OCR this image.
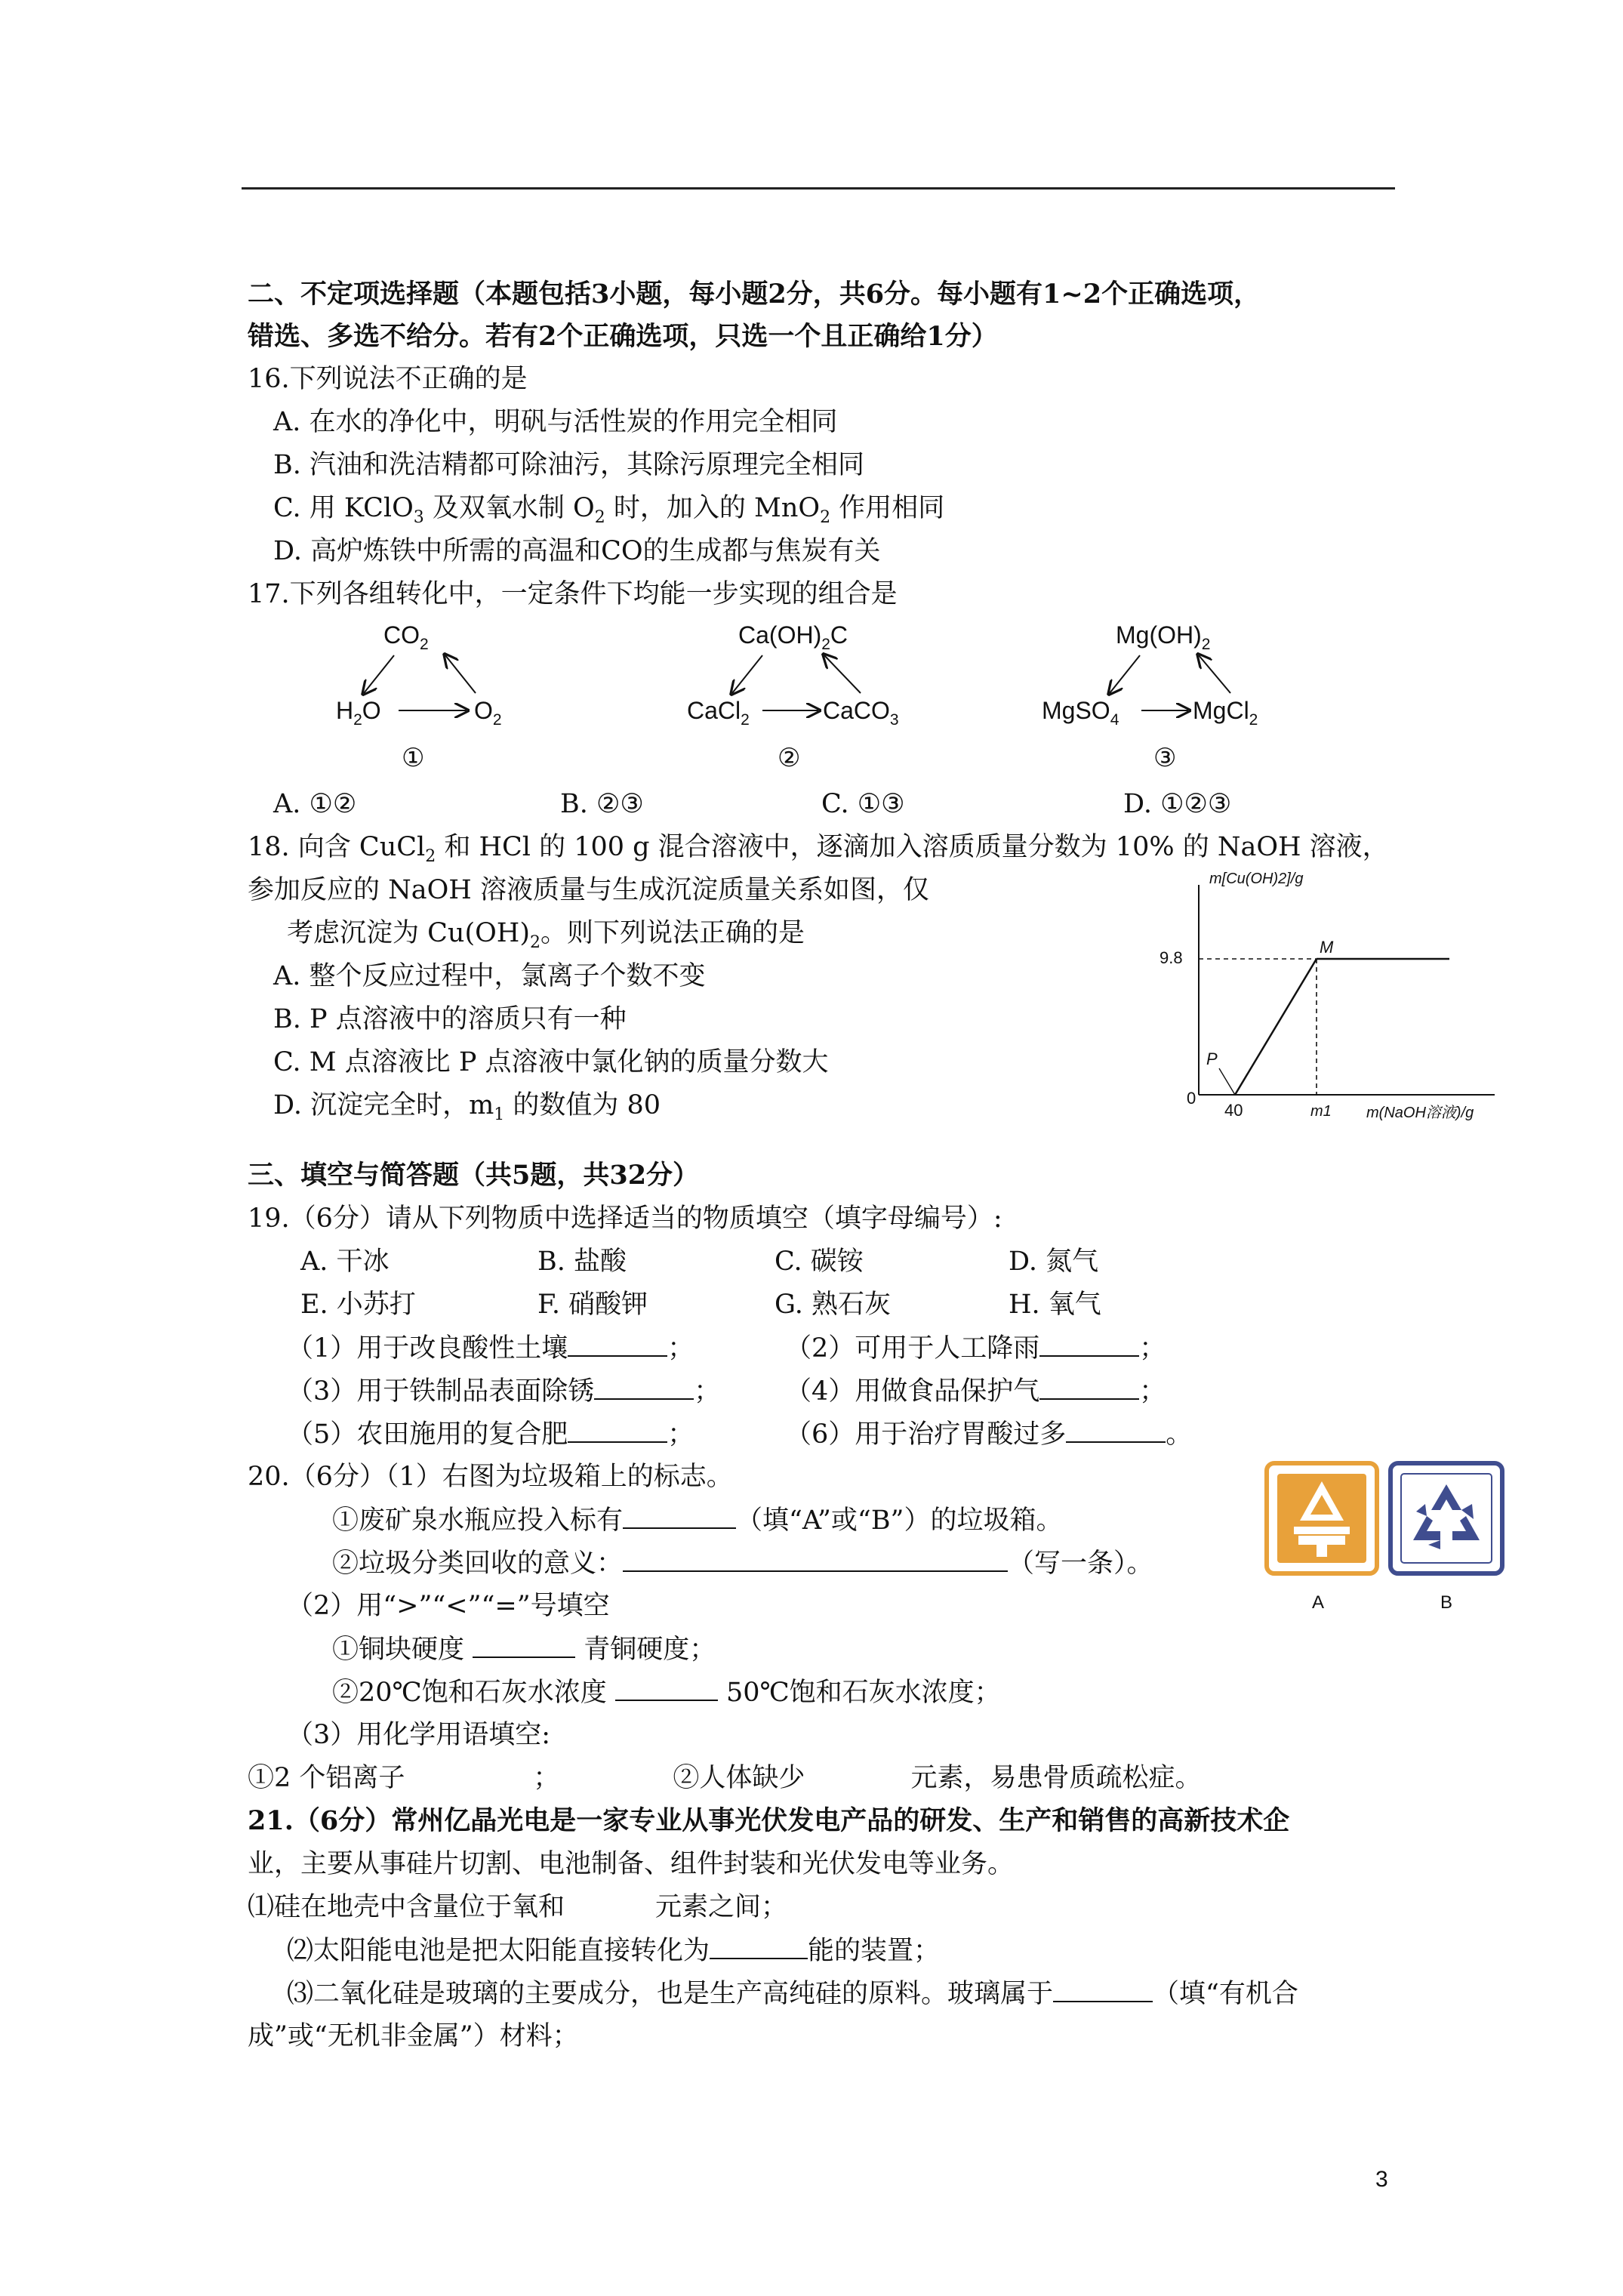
二、不定项选择题（本题包括3小题，每小题2分，共6分。每小题有1~2个正确选项，
错选、多选不给分。若有2个正确选项，只选一个且正确给1分）
16.下列说法不正确的是
A. 在水的净化中，明矾与活性炭的作用完全相同
B. 汽油和洗洁精都可除油污，其除污原理完全相同
C. 用 KClO$_3$ 及双氧水制 $O_2$ 时，加入的 MnO$_2$ 作用相同
D. 高炉炼铁中所需的高温和CO的生成都与焦炭有关
17.下列各组转化中，一定条件下均能一步实现的组合是
$CO_2$
$H_2O$	$O_2$
①
$Ca(OH)_2C$
CaCl$_2$	CaCO$_3$
②
$Mg(OH)_2$
MgSO$_4$	MgCl$_2$
③
A. ①②	B. ②③	C. ①③	D. ①②③
18. 向含 CuCl$_2$ 和 HCl 的 100 g 混合溶液中，逐滴加入溶质质量分数为 10% 的 NaOH 溶液，
参加反应的 NaOH 溶液质量与生成沉淀质量关系如图，仅
考虑沉淀为 $Cu(OH)_2$。则下列说法正确的是
A. 整个反应过程中，氯离子个数不变
B. P 点溶液中的溶质只有一种
C. M 点溶液比 P 点溶液中氯化钠的质量分数大
D. 沉淀完全时，$m_1$ 的数值为 80
m[Cu(OH)2]/g
0
9.8
P
M
40	m1 m(NaOH溶液)/g
三、填空与简答题（共5题，共32分）
19.（6分）请从下列物质中选择适当的物质填空（填字母编号）:
A. 干冰	B. 盐酸	C. 碳铵	D. 氮气
E. 小苏打	F. 硝酸钾	G. 熟石灰	H. 氧气
（1）用于改良酸性土壤	；	（2）可用于人工降雨	；
（3）用于铁制品表面除锈	； （4）用做食品保护气	；
（5）农田施用的复合肥	；	（6）用于治疗胃酸过多	。
20.（6分）（1）右图为垃圾箱上的标志。
①废矿泉水瓶应投入标有	（填“A”或“B”）的垃圾箱。
②垃圾分类回收的意义：	（写一条）。
（2）用“>”“<”“=”号填空
①铜块硬度	青铜硬度；
②20℃饱和石灰水浓度	50℃饱和石灰水浓度；
（3）用化学用语填空:
①2 个铝离子	；	②人体缺少	元素，易患骨质疏松症。
A	B
21.（6分）常州亿晶光电是一家专业从事光伏发电产品的研发、生产和销售的高新技术企
业，主要从事硅片切割、电池制备、组件封装和光伏发电等业务。
⑴硅在地壳中含量位于氧和	元素之间；
⑵太阳能电池是把太阳能直接转化为	能的装置；
⑶二氧化硅是玻璃的主要成分，也是生产高纯硅的原料。玻璃属于	（填“有机合
成”或“无机非金属”）材料；
3
